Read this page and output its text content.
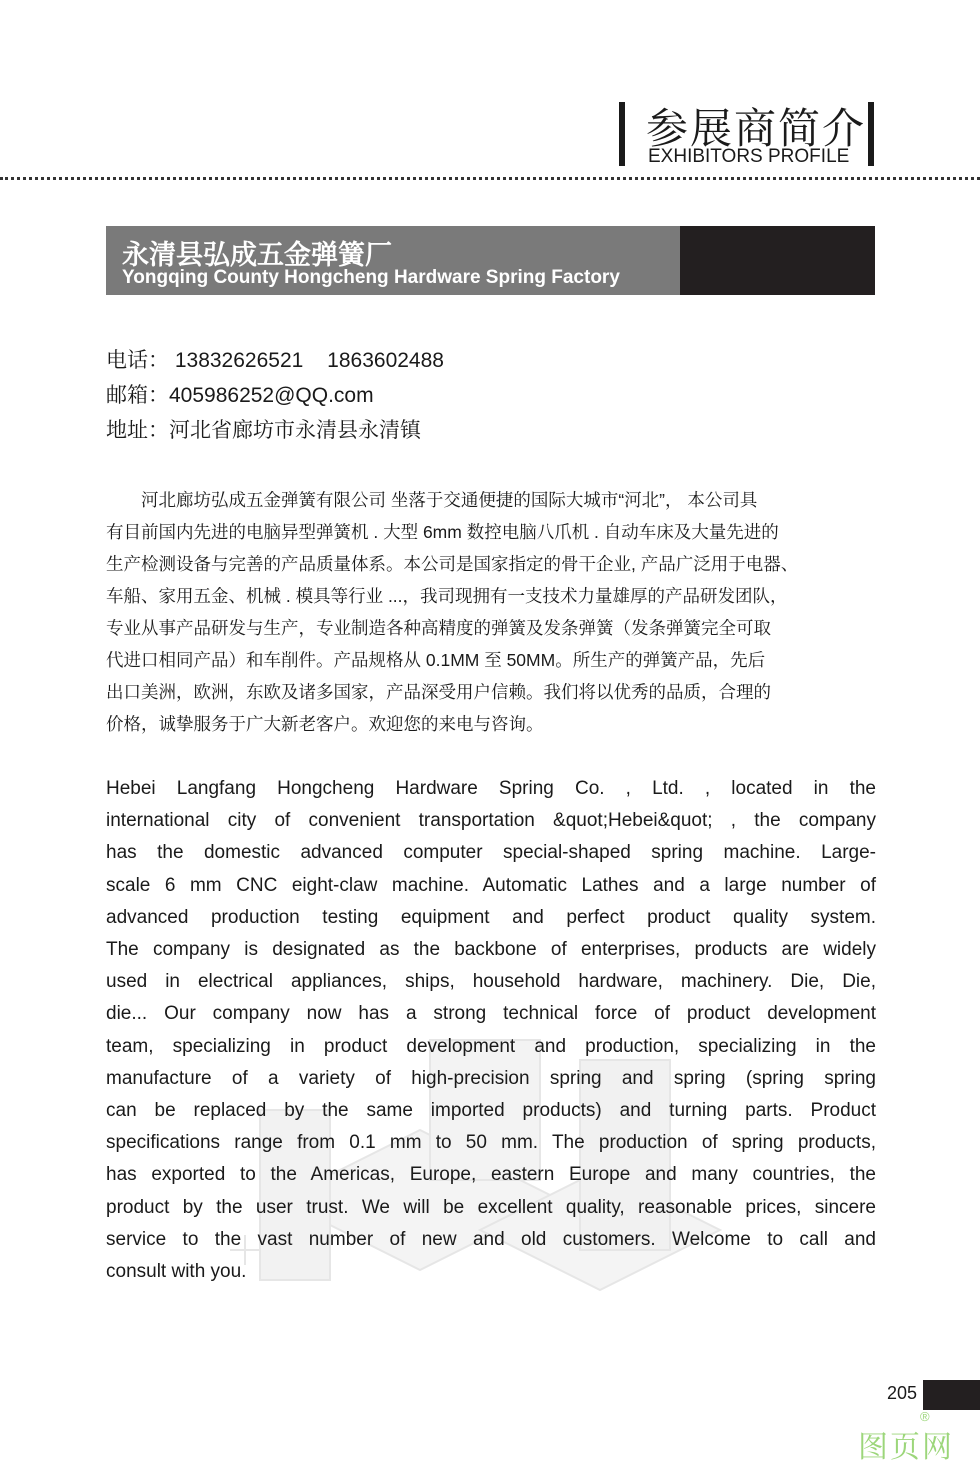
参展商简介
EXHIBITORS PROFILE
永清县弘成五金弹簧厂
Yongqing County Hongcheng Hardware Spring Factory
电话： 13832626521 1863602488
邮箱：405986252@QQ.com
地址：河北省廊坊市永清县永清镇
　　河北廊坊弘成五金弹簧有限公司 坐落于交通便捷的国际大城市“河北”， 本公司具
有目前国内先进的电脑异型弹簧机 . 大型 6mm 数控电脑八爪机 . 自动车床及大量先进的
生产检测设备与完善的产品质量体系。本公司是国家指定的骨干企业, 产品广泛用于电器、
车船、家用五金、机械 . 模具等行业 ...，我司现拥有一支技术力量雄厚的产品研发团队，
专业从事产品研发与生产，专业制造各种高精度的弹簧及发条弹簧（发条弹簧完全可取
代进口相同产品）和车削件。产品规格从 0.1MM 至 50MM。所生产的弹簧产品，先后
出口美洲，欧洲，东欧及诸多国家，产品深受用户信赖。我们将以优秀的品质，合理的
价格，诚挚服务于广大新老客户。欢迎您的来电与咨询。
Hebei Langfang Hongcheng Hardware Spring Co. , Ltd. , located in the
international city of convenient transportation &quot;Hebei&quot; , the company
has the domestic advanced computer special-shaped spring machine. Large-
scale 6 mm CNC eight-claw machine. Automatic Lathes and a large number of
advanced production testing equipment and perfect product quality system.
The company is designated as the backbone of enterprises, products are widely
used in electrical appliances, ships, household hardware, machinery. Die, Die,
die... Our company now has a strong technical force of product development
team, specializing in product development and production, specializing in the
manufacture of a variety of high-precision spring and spring (spring spring
can be replaced by the same imported products) and turning parts. Product
specifications range from 0.1 mm to 50 mm. The production of spring products,
has exported to the Americas, Europe, eastern Europe and many countries, the
product by the user trust. We will be excellent quality, reasonable prices, sincere
service to the vast number of new and old customers. Welcome to call and
consult with you.
205
®
图页网
